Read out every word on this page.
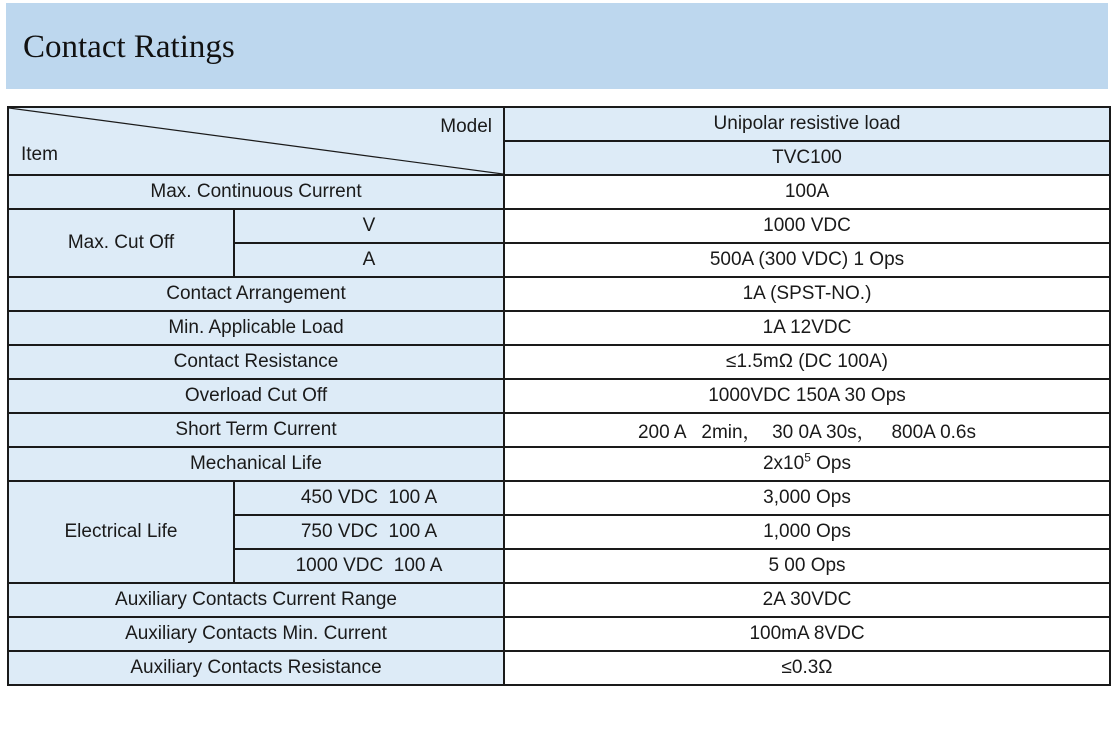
Contact Ratings
Model
Item		Unipolar resistive load
		TVC100
Max. Continuous Current		100A
Max. Cut Off	V	1000 VDC
	A	500A (300 VDC) 1 Ops
Contact Arrangement		1A (SPST-NO.)
Min. Applicable Load		1A 12VDC
Contact Resistance		≤1.5mΩ (DC 100A)
Overload Cut Off		1000VDC 150A 30 Ops
Short Term Current		200 A   2min，  30 0A 30s，   800A 0.6s
Mechanical Life		$2x10^5$ Ops
Electrical Life	450 VDC  100 A	3,000 Ops
	750 VDC  100 A	1,000 Ops
	1000 VDC  100 A	5 00 Ops
Auxiliary Contacts Current Range		2A 30VDC
Auxiliary Contacts Min. Current		100mA 8VDC
Auxiliary Contacts Resistance		≤0.3Ω
